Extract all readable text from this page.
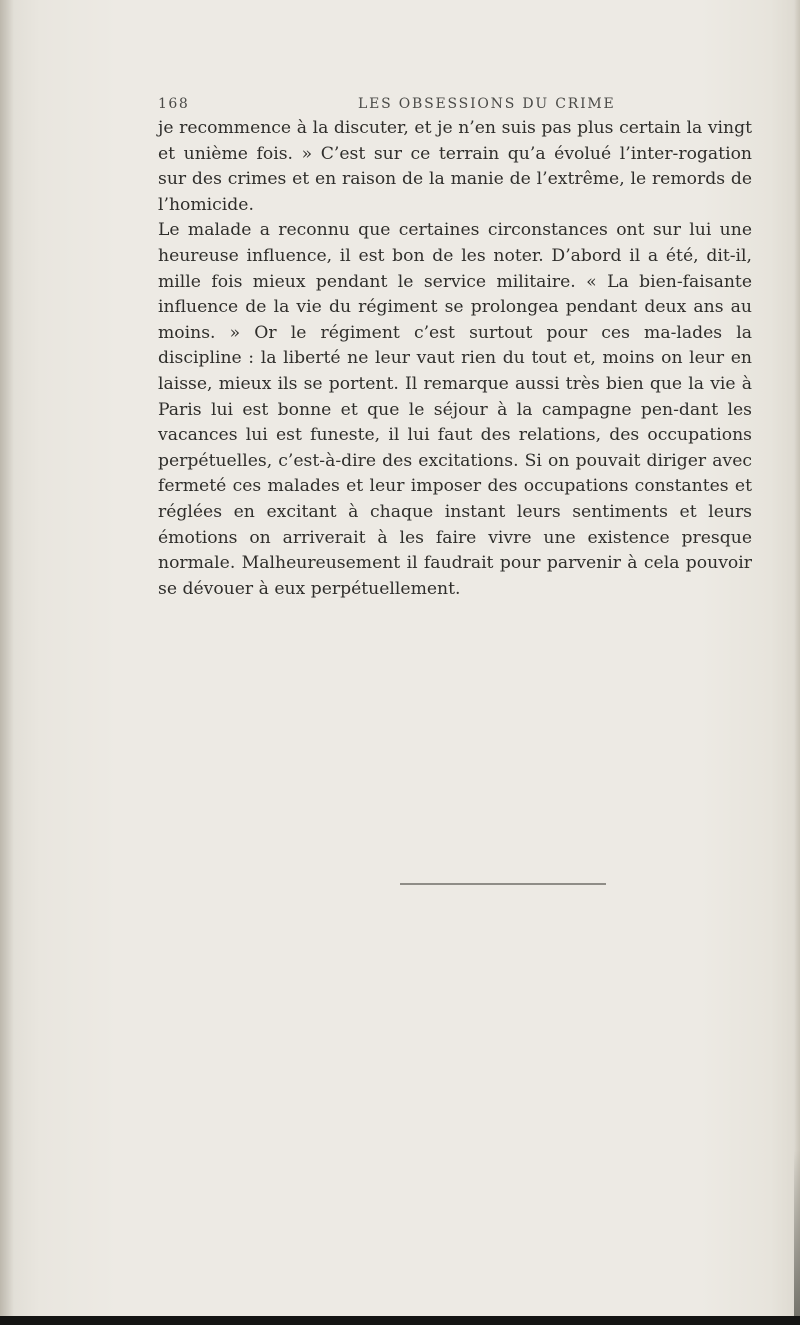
168	LES OBSESSIONS DU CRIME

je recommence à la discuter, et je n’en suis pas plus certain la vingt et unième fois. » C’est sur ce terrain qu’a évolué l’inter-rogation sur des crimes et en raison de la manie de l’extrême, le remords de l’homicide.

Le malade a reconnu que certaines circonstances ont sur lui une heureuse influence, il est bon de les noter. D’abord il a été, dit-il, mille fois mieux pendant le service militaire. « La bien-faisante influence de la vie du régiment se prolongea pendant deux ans au moins. » Or le régiment c’est surtout pour ces ma-lades la discipline : la liberté ne leur vaut rien du tout et, moins on leur en laisse, mieux ils se portent. Il remarque aussi très bien que la vie à Paris lui est bonne et que le séjour à la campagne pen-dant les vacances lui est funeste, il lui faut des relations, des occupations perpétuelles, c’est-à-dire des excitations. Si on pouvait diriger avec fermeté ces malades et leur imposer des occupations constantes et réglées en excitant à chaque instant leurs sentiments et leurs émotions on arriverait à les faire vivre une existence presque normale. Malheureusement il faudrait pour parvenir à cela pouvoir se dévouer à eux perpétuellement.
